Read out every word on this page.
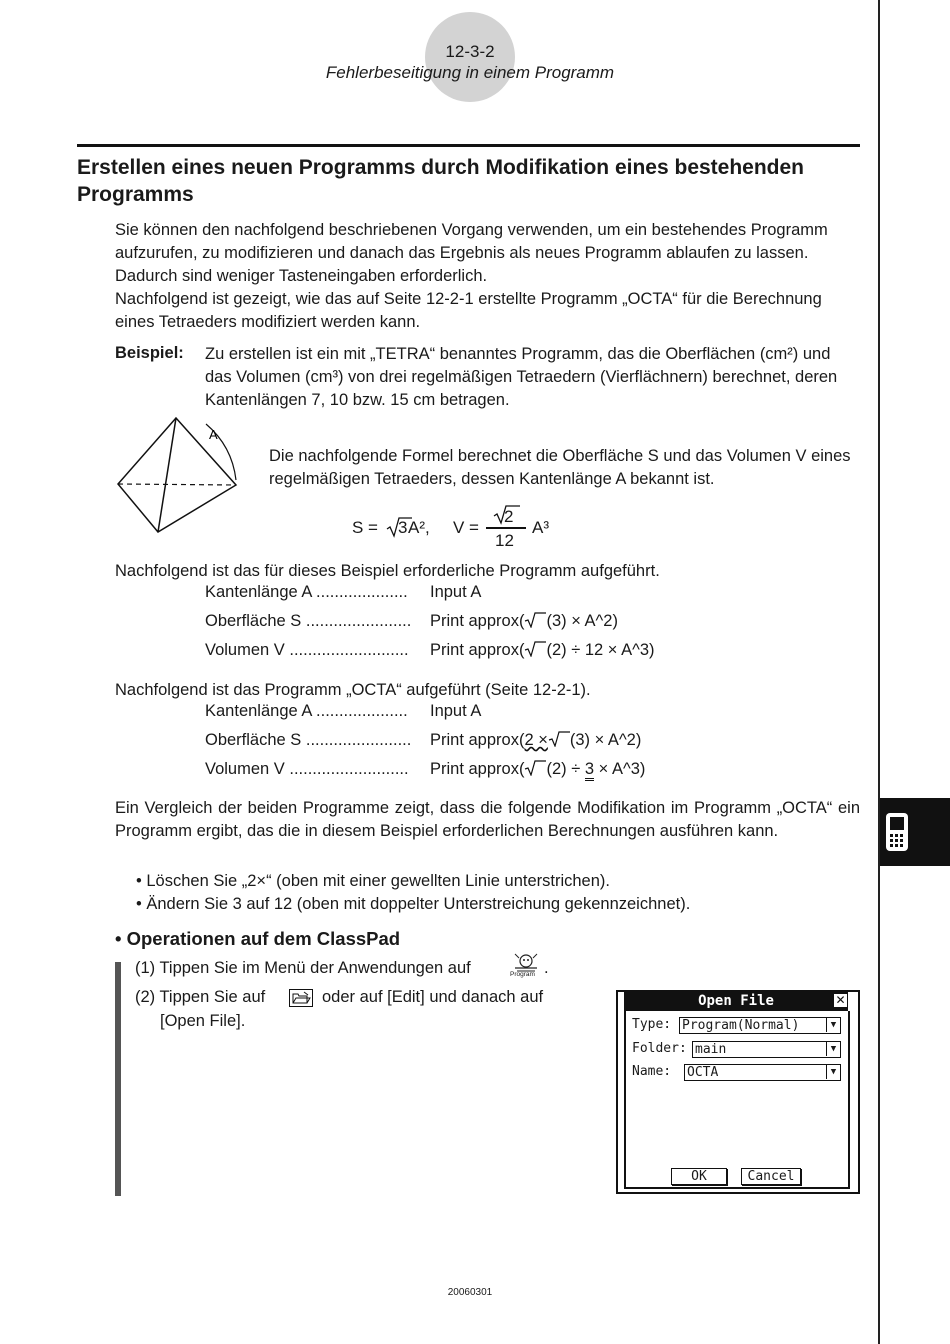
12-3-2
Fehlerbeseitigung in einem Programm
Erstellen eines neuen Programms durch Modifikation eines bestehenden Programms
Sie können den nachfolgend beschriebenen Vorgang verwenden, um ein bestehendes Programm aufzurufen, zu modifizieren und danach das Ergebnis als neues Programm ablaufen zu lassen. Dadurch sind weniger Tasteneingaben erforderlich.
Nachfolgend ist gezeigt, wie das auf Seite 12-2-1 erstellte Programm „OCTA“ für die Berechnung eines Tetraeders modifiziert werden kann.
Beispiel: Zu erstellen ist ein mit „TETRA“ benanntes Programm, das die Oberflächen (cm²) und das Volumen (cm³) von drei regelmäßigen Tetraedern (Vierflächnern) berechnet, deren Kantenlängen 7, 10 bzw. 15 cm betragen.
A
Die nachfolgende Formel berechnet die Oberfläche S und das Volumen V eines regelmäßigen Tetraeders, dessen Kantenlänge A bekannt ist.
S = 3 A², V =
2
12
A³
Nachfolgend ist das für dieses Beispiel erforderliche Programm aufgeführt.
Kantenlänge A .................... Input A
Oberfläche S ....................... Print approx( (3) × A^2)
Volumen V .......................... Print approx( (2) ÷ 12 × A^3)
Nachfolgend ist das Programm „OCTA“ aufgeführt (Seite 12-2-1).
Kantenlänge A .................... Input A
Oberfläche S ....................... Print approx(2 × (3) × A^2)
Volumen V .......................... Print approx( (2) ÷ 3 × A^3)
Ein Vergleich der beiden Programme zeigt, dass die folgende Modifikation im Programm „OCTA“ ein Programm ergibt, das die in diesem Beispiel erforderlichen Berechnungen ausführen kann.
• Löschen Sie „2×“ (oben mit einer gewellten Linie unterstrichen).
• Ändern Sie 3 auf 12 (oben mit doppelter Unterstreichung gekennzeichnet).
• Operationen auf dem ClassPad
(1) Tippen Sie im Menü der Anwendungen auf	Program .
(2) Tippen Sie auf	oder auf [Edit] und danach auf
[Open File].
Open File	✕
Type: Program(Normal)	▼
Folder: main	▼
Name: OCTA	▼
OK	Cancel
20060301
